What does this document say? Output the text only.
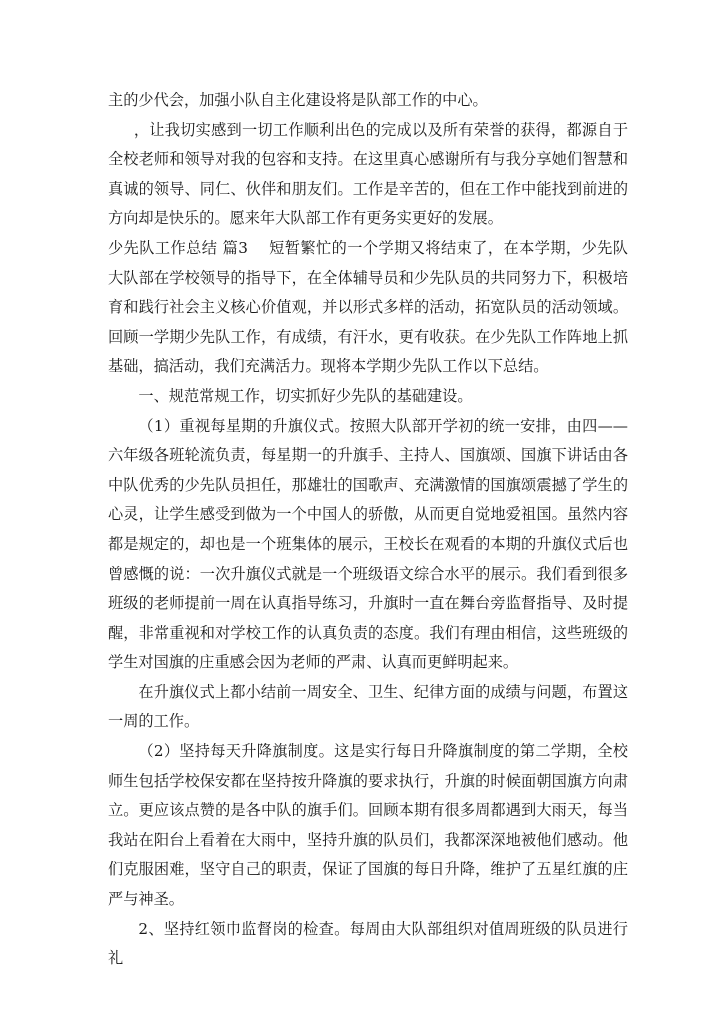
主的少代会，加强小队自主化建设将是队部工作的中心。

，让我切实感到一切工作顺利出色的完成以及所有荣誉的获得，都源自于全校老师和领导对我的包容和支持。在这里真心感谢所有与我分享她们智慧和真诚的领导、同仁、伙伴和朋友们。工作是辛苦的，但在工作中能找到前进的方向却是快乐的。愿来年大队部工作有更务实更好的发展。

少先队工作总结 篇3　 短暂繁忙的一个学期又将结束了，在本学期，少先队大队部在学校领导的指导下，在全体辅导员和少先队员的共同努力下，积极培育和践行社会主义核心价值观，并以形式多样的活动，拓宽队员的活动领域。回顾一学期少先队工作，有成绩，有汗水，更有收获。在少先队工作阵地上抓基础，搞活动，我们充满活力。现将本学期少先队工作以下总结。

一、规范常规工作，切实抓好少先队的基础建设。

（1）重视每星期的升旗仪式。按照大队部开学初的统一安排，由四——六年级各班轮流负责，每星期一的升旗手、主持人、国旗颂、国旗下讲话由各中队优秀的少先队员担任，那雄壮的国歌声、充满激情的国旗颂震撼了学生的心灵，让学生感受到做为一个中国人的骄傲，从而更自觉地爱祖国。虽然内容都是规定的，却也是一个班集体的展示，王校长在观看的本期的升旗仪式后也曾感慨的说：一次升旗仪式就是一个班级语文综合水平的展示。我们看到很多班级的老师提前一周在认真指导练习，升旗时一直在舞台旁监督指导、及时提醒，非常重视和对学校工作的认真负责的态度。我们有理由相信，这些班级的学生对国旗的庄重感会因为老师的严肃、认真而更鲜明起来。

在升旗仪式上都小结前一周安全、卫生、纪律方面的成绩与问题，布置这一周的工作。

（2）坚持每天升降旗制度。这是实行每日升降旗制度的第二学期，全校师生包括学校保安都在坚持按升降旗的要求执行，升旗的时候面朝国旗方向肃立。更应该点赞的是各中队的旗手们。回顾本期有很多周都遇到大雨天，每当我站在阳台上看着在大雨中，坚持升旗的队员们，我都深深地被他们感动。他们克服困难，坚守自己的职责，保证了国旗的每日升降，维护了五星红旗的庄严与神圣。

2、坚持红领巾监督岗的检查。每周由大队部组织对值周班级的队员进行礼
